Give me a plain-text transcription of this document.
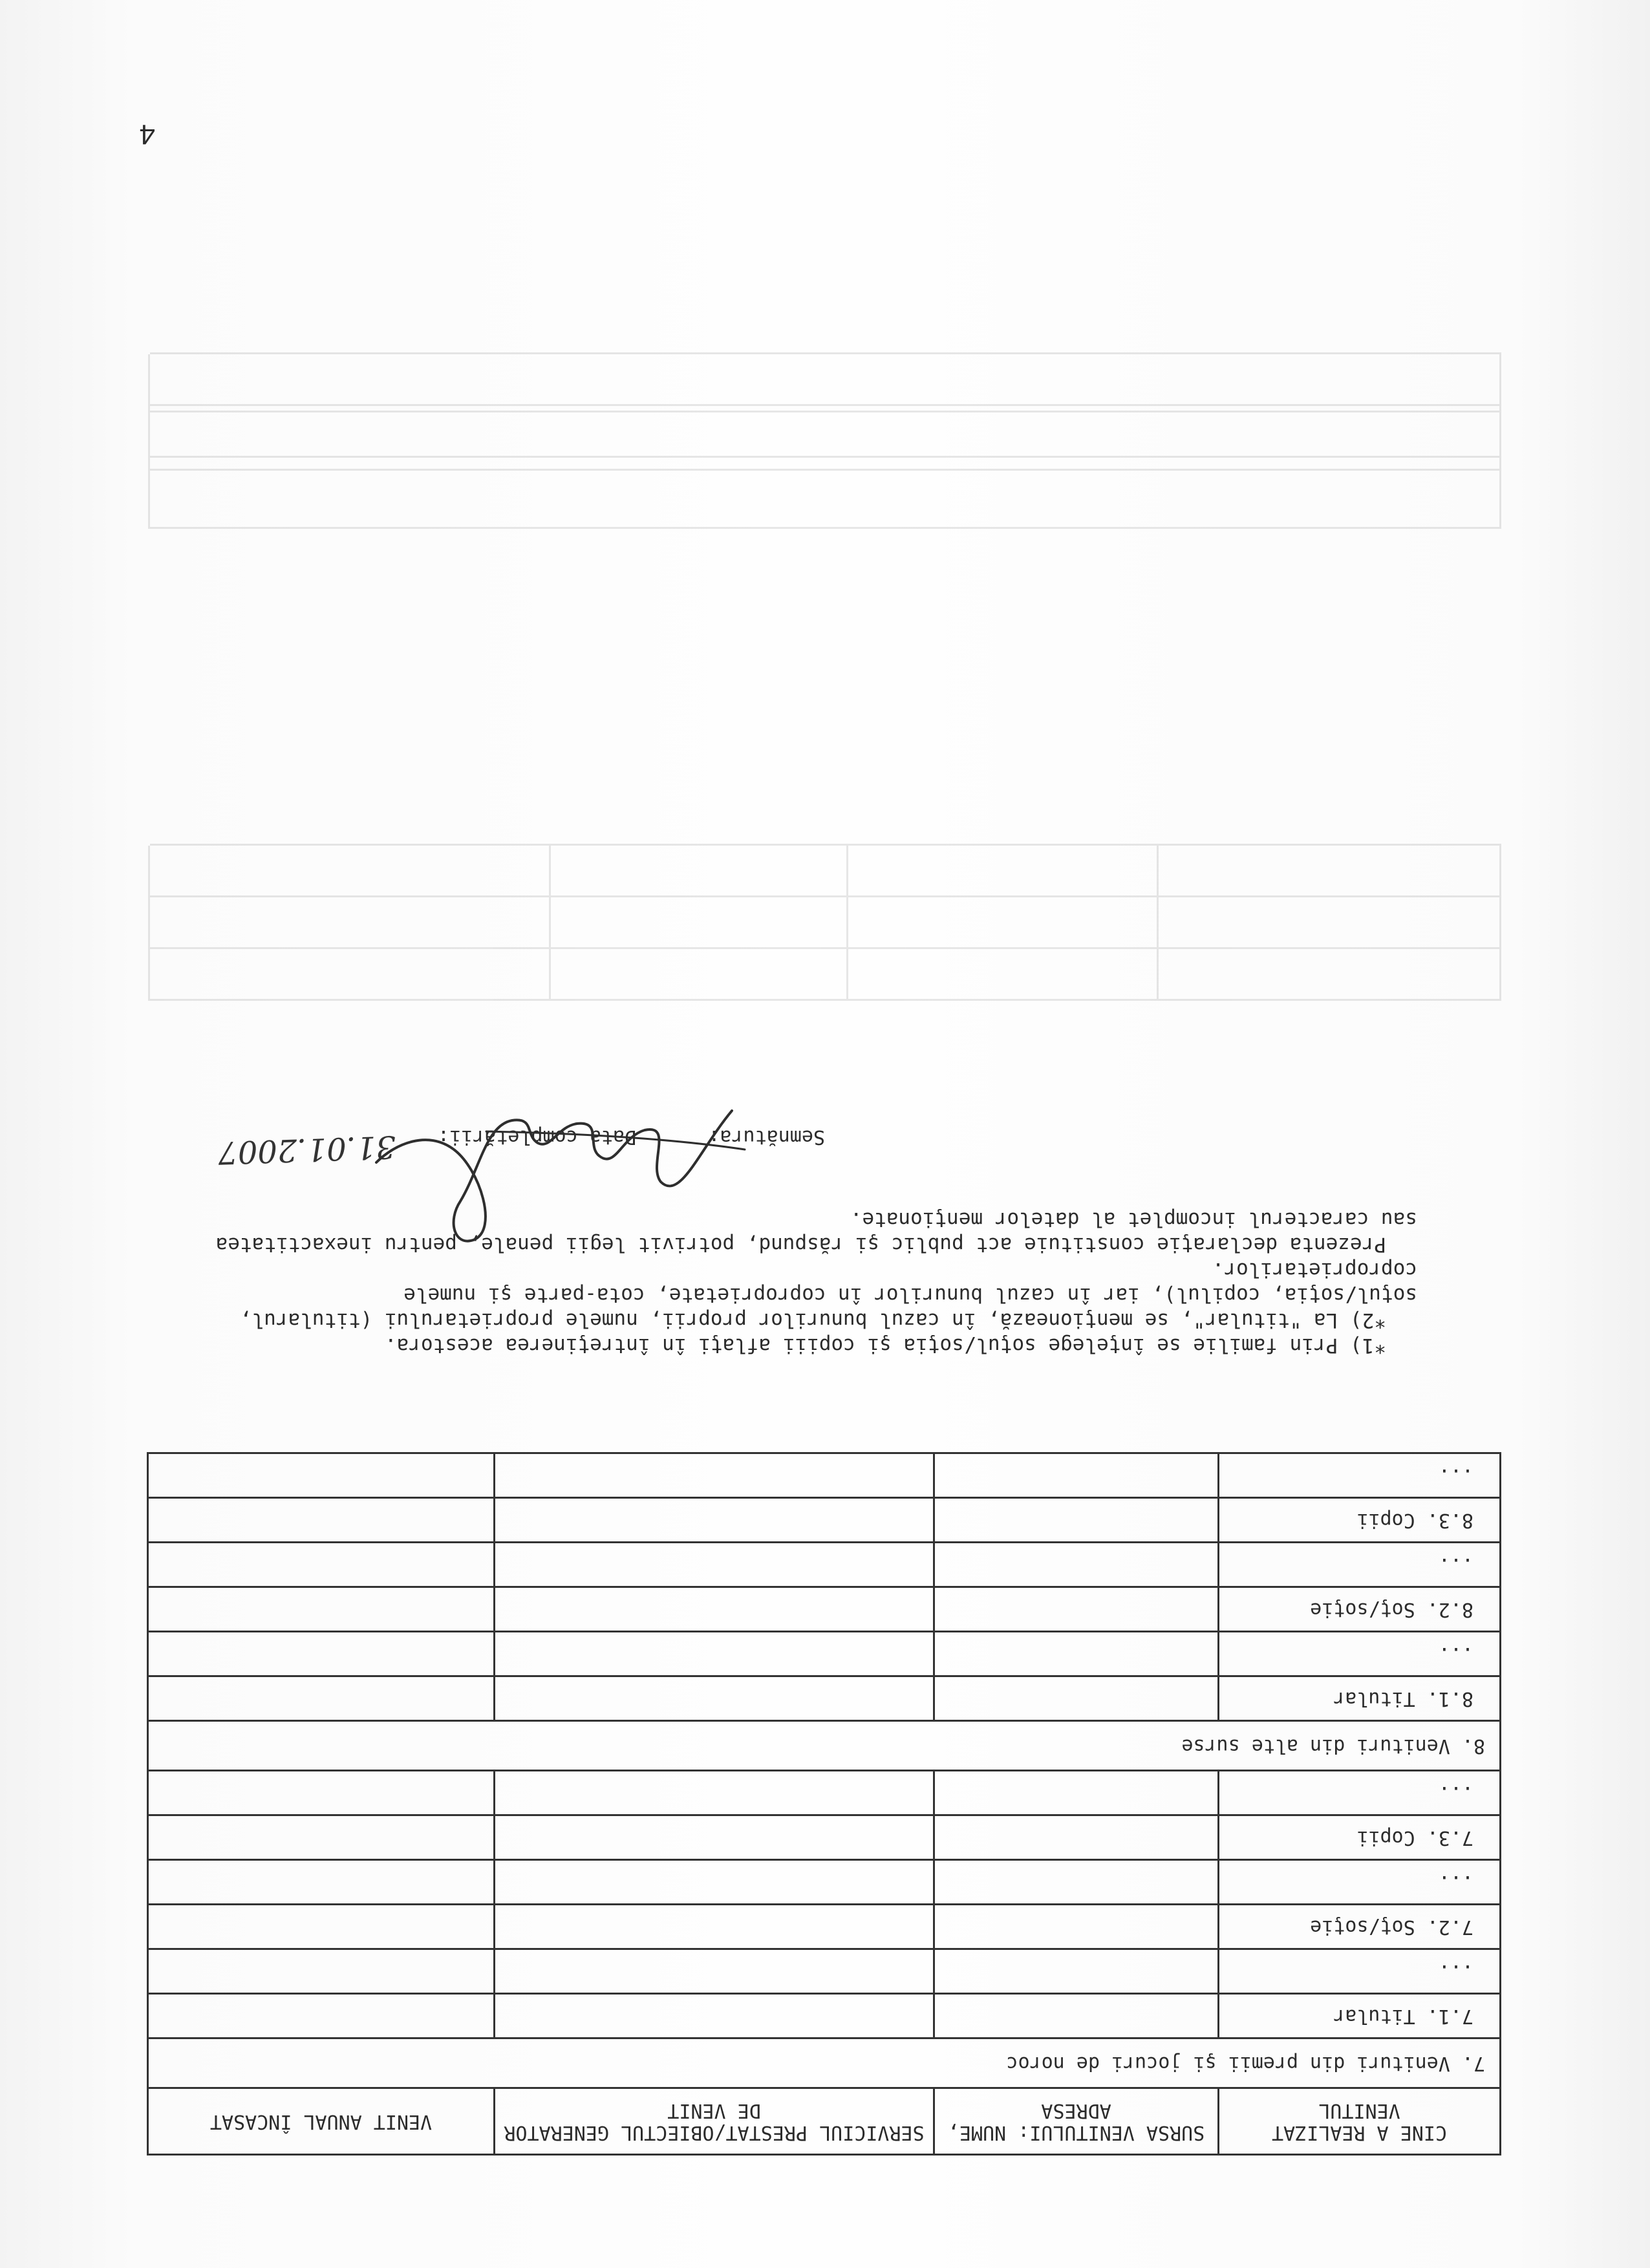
4
CINE A REALIZAT VENITUL	SURSA VENITULUI: NUME, ADRESA	SERVICIUL PRESTAT/OBIECTUL GENERATOR DE VENIT	VENIT ANUAL ÎNCASAT
7. Venituri din premii şi jocuri de noroc			
7.1. Titular			
...			
7.2. Soţ/soţie			
...			
7.3. Copii			
...			
8. Venituri din alte surse			
8.1. Titular			
...			
8.2. Soţ/soţie			
...			
8.3. Copii			
...			

*1) Prin familie se înţelege soţul/soţia şi copiii aflaţi în întreţinerea acestora.

*2) La "titular", se menţionează, în cazul bunurilor proprii, numele proprietarului (titularul, soţul/soţia, copilul), iar în cazul bunurilor în coproprietate, cota-parte şi numele coproprietarilor.

Prezenta declaraţie constituie act public şi răspund, potrivit legii penale, pentru inexactitatea sau caracterul incomplet al datelor menţionate.

Data completării:
31.01.2007	Semnătura:
